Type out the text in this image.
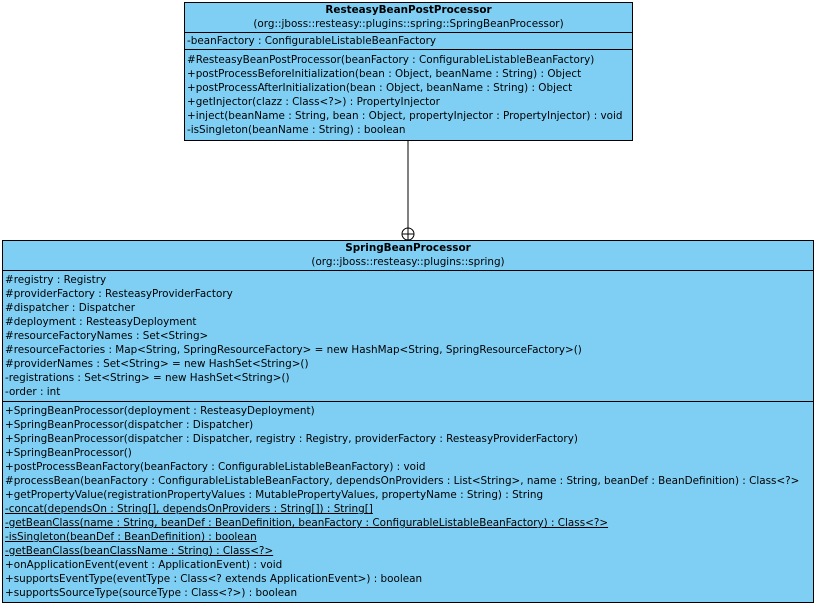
ResteasyBeanPostProcessor
(org::jboss::resteasy::plugins::spring::SpringBeanProcessor)
-beanFactory : ConfigurableListableBeanFactory
#ResteasyBeanPostProcessor(beanFactory : ConfigurableListableBeanFactory)
+postProcessBeforeInitialization(bean : Object, beanName : String) : Object
+postProcessAfterInitialization(bean : Object, beanName : String) : Object
+getInjector(clazz : Class<?>) : PropertyInjector
+inject(beanName : String, bean : Object, propertyInjector : PropertyInjector) : void
-isSingleton(beanName : String) : boolean
SpringBeanProcessor
(org::jboss::resteasy::plugins::spring)
#registry : Registry
#providerFactory : ResteasyProviderFactory
#dispatcher : Dispatcher
#deployment : ResteasyDeployment
#resourceFactoryNames : Set<String>
#resourceFactories : Map<String, SpringResourceFactory> = new HashMap<String, SpringResourceFactory>()
#providerNames : Set<String> = new HashSet<String>()
-registrations : Set<String> = new HashSet<String>()
-order : int
+SpringBeanProcessor(deployment : ResteasyDeployment)
+SpringBeanProcessor(dispatcher : Dispatcher)
+SpringBeanProcessor(dispatcher : Dispatcher, registry : Registry, providerFactory : ResteasyProviderFactory)
+SpringBeanProcessor()
+postProcessBeanFactory(beanFactory : ConfigurableListableBeanFactory) : void
#processBean(beanFactory : ConfigurableListableBeanFactory, dependsOnProviders : List<String>, name : String, beanDef : BeanDefinition) : Class<?>
+getPropertyValue(registrationPropertyValues : MutablePropertyValues, propertyName : String) : String
-concat(dependsOn : String[], dependsOnProviders : String[]) : String[]
-getBeanClass(name : String, beanDef : BeanDefinition, beanFactory : ConfigurableListableBeanFactory) : Class<?>
-isSingleton(beanDef : BeanDefinition) : boolean
-getBeanClass(beanClassName : String) : Class<?>
+onApplicationEvent(event : ApplicationEvent) : void
+supportsEventType(eventType : Class<? extends ApplicationEvent>) : boolean
+supportsSourceType(sourceType : Class<?>) : boolean
